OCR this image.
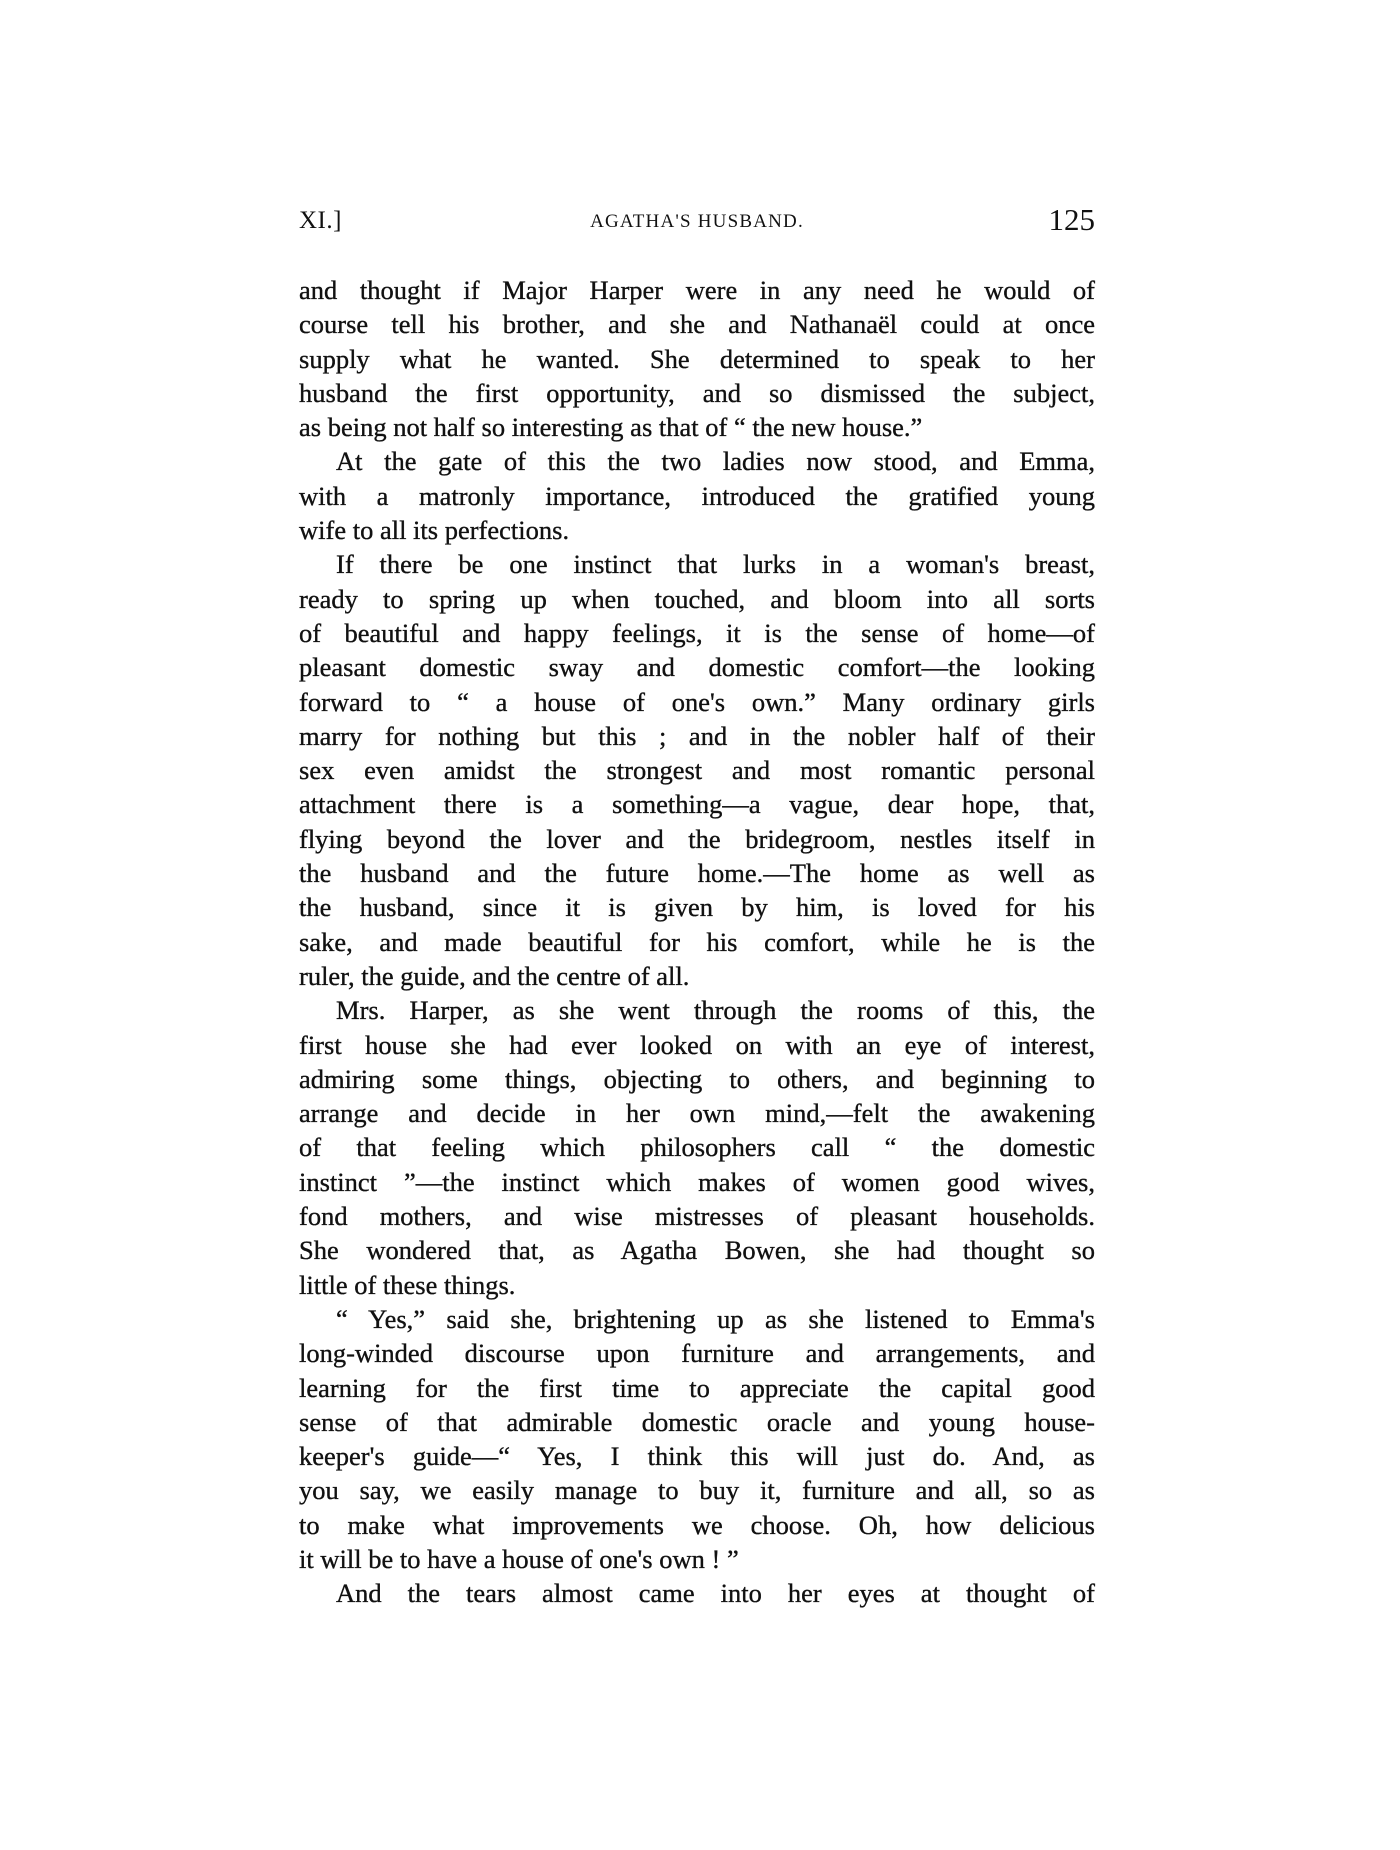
XI.]	AGATHA'S HUSBAND.	125
and thought if Major Harper were in any need he would of
course tell his brother, and she and Nathanaël could at once
supply what he wanted. She determined to speak to her
husband the first opportunity, and so dismissed the subject,
as being not half so interesting as that of “ the new house.”
At the gate of this the two ladies now stood, and Emma,
with a matronly importance, introduced the gratified young
wife to all its perfections.
If there be one instinct that lurks in a woman's breast,
ready to spring up when touched, and bloom into all sorts
of beautiful and happy feelings, it is the sense of home—of
pleasant domestic sway and domestic comfort—the looking
forward to “ a house of one's own.” Many ordinary girls
marry for nothing but this ; and in the nobler half of their
sex even amidst the strongest and most romantic personal
attachment there is a something—a vague, dear hope, that,
flying beyond the lover and the bridegroom, nestles itself in
the husband and the future home.—The home as well as
the husband, since it is given by him, is loved for his
sake, and made beautiful for his comfort, while he is the
ruler, the guide, and the centre of all.
Mrs. Harper, as she went through the rooms of this, the
first house she had ever looked on with an eye of interest,
admiring some things, objecting to others, and beginning to
arrange and decide in her own mind,—felt the awakening
of that feeling which philosophers call “ the domestic
instinct ”—the instinct which makes of women good wives,
fond mothers, and wise mistresses of pleasant households.
She wondered that, as Agatha Bowen, she had thought so
little of these things.
“ Yes,” said she, brightening up as she listened to Emma's
long-winded discourse upon furniture and arrangements, and
learning for the first time to appreciate the capital good
sense of that admirable domestic oracle and young house-
keeper's guide—“ Yes, I think this will just do. And, as
you say, we easily manage to buy it, furniture and all, so as
to make what improvements we choose. Oh, how delicious
it will be to have a house of one's own ! ”
And the tears almost came into her eyes at thought of
